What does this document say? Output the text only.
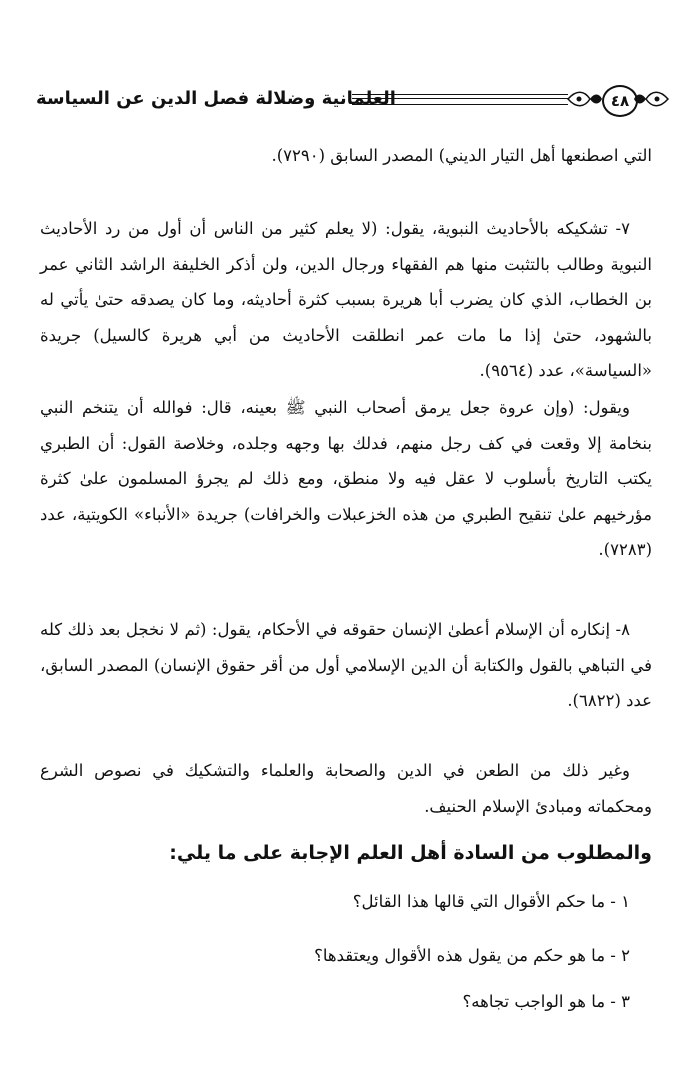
العلمانية وضلالة فصل الدين عن السياسة	٤٨

التي اصطنعها أهل التيار الديني) المصدر السابق (٧٢٩٠).

٧- تشكيكه بالأحاديث النبوية، يقول: (لا يعلم كثير من الناس أن أول من رد الأحاديث النبوية وطالب بالتثبت منها هم الفقهاء ورجال الدين، ولن أذكر الخليفة الراشد الثاني عمر بن الخطاب، الذي كان يضرب أبا هريرة بسبب كثرة أحاديثه، وما كان يصدقه حتىٰ يأتي له بالشهود، حتىٰ إذا ما مات عمر انطلقت الأحاديث من أبي هريرة كالسيل) جريدة «السياسة»، عدد (٩٥٦٤).

ويقول: (وإن عروة جعل يرمق أصحاب النبي ﷺ بعينه، قال: فوالله أن يتنخم النبي بنخامة إلا وقعت في كف رجل منهم، فدلك بها وجهه وجلده، وخلاصة القول: أن الطبري يكتب التاريخ بأسلوب لا عقل فيه ولا منطق، ومع ذلك لم يجرؤ المسلمون علىٰ كثرة مؤرخيهم علىٰ تنقيح الطبري من هذه الخزعبلات والخرافات) جريدة «الأنباء» الكويتية، عدد (٧٢٨٣).

٨- إنكاره أن الإسلام أعطىٰ الإنسان حقوقه في الأحكام، يقول: (ثم لا نخجل بعد ذلك كله في التباهي بالقول والكتابة أن الدين الإسلامي أول من أقر حقوق الإنسان) المصدر السابق، عدد (٦٨٢٢).

وغير ذلك من الطعن في الدين والصحابة والعلماء والتشكيك في نصوص الشرع ومحكماته ومبادئ الإسلام الحنيف.

والمطلوب من السادة أهل العلم الإجابة على ما يلي:
١ - ما حكم الأقوال التي قالها هذا القائل؟
٢ - ما هو حكم من يقول هذه الأقوال ويعتقدها؟
٣ - ما هو الواجب تجاهه؟
